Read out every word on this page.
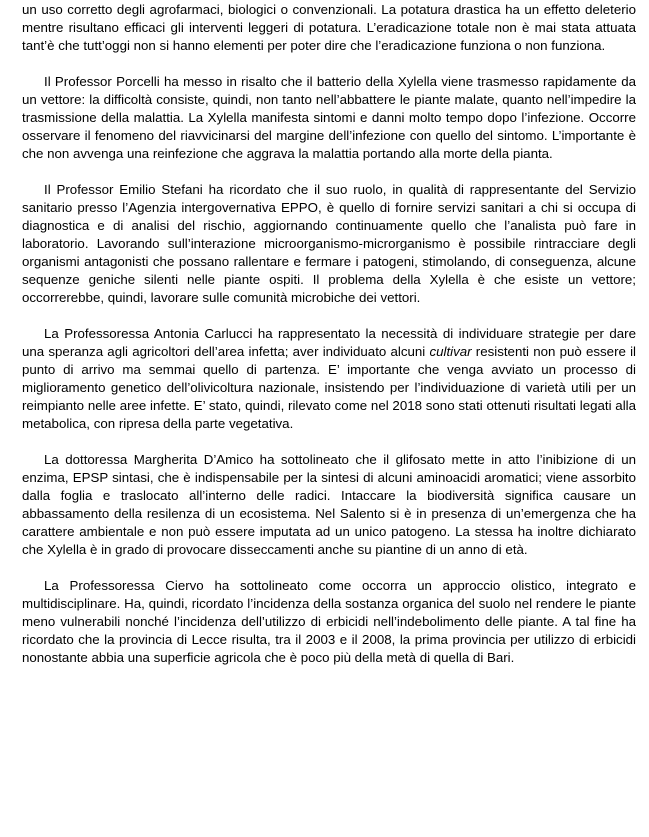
un uso corretto degli agrofarmaci, biologici o convenzionali. La potatura drastica ha un effetto deleterio mentre risultano efficaci gli interventi leggeri di potatura. L’eradicazione totale non è mai stata attuata tant’è che tutt’oggi non si hanno elementi per poter dire che l’eradicazione funziona o non funziona.

Il Professor Porcelli ha messo in risalto che il batterio della Xylella viene trasmesso rapidamente da un vettore: la difficoltà consiste, quindi, non tanto nell’abbattere le piante malate, quanto nell’impedire la trasmissione della malattia. La Xylella manifesta sintomi e danni molto tempo dopo l’infezione. Occorre osservare il fenomeno del riavvicinarsi del margine dell’infezione con quello del sintomo. L’importante è che non avvenga una reinfezione che aggrava la malattia portando alla morte della pianta.

Il Professor Emilio Stefani ha ricordato che il suo ruolo, in qualità di rappresentante del Servizio sanitario presso l’Agenzia intergovernativa EPPO, è quello di fornire servizi sanitari a chi si occupa di diagnostica e di analisi del rischio, aggiornando continuamente quello che l’analista può fare in laboratorio. Lavorando sull’interazione microorganismo-microrganismo è possibile rintracciare degli organismi antagonisti che possano rallentare e fermare i patogeni, stimolando, di conseguenza, alcune sequenze geniche silenti nelle piante ospiti. Il problema della Xylella è che esiste un vettore; occorrerebbe, quindi, lavorare sulle comunità microbiche dei vettori.

La Professoressa Antonia Carlucci ha rappresentato la necessità di individuare strategie per dare una speranza agli agricoltori dell’area infetta; aver individuato alcuni cultivar resistenti non può essere il punto di arrivo ma semmai quello di partenza. E’ importante che venga avviato un processo di miglioramento genetico dell’olivicoltura nazionale, insistendo per l’individuazione di varietà utili per un reimpianto nelle aree infette. E’ stato, quindi, rilevato come nel 2018 sono stati ottenuti risultati legati alla metabolica, con ripresa della parte vegetativa.

La dottoressa Margherita D’Amico ha sottolineato che il glifosato mette in atto l’inibizione di un enzima, EPSP sintasi, che è indispensabile per la sintesi di alcuni aminoacidi aromatici; viene assorbito dalla foglia e traslocato all’interno delle radici. Intaccare la biodiversità significa causare un abbassamento della resilenza di un ecosistema. Nel Salento si è in presenza di un’emergenza che ha carattere ambientale e non può essere imputata ad un unico patogeno. La stessa ha inoltre dichiarato che Xylella è in grado di provocare disseccamenti anche su piantine di un anno di età.

La Professoressa Ciervo ha sottolineato come occorra un approccio olistico, integrato e multidisciplinare. Ha, quindi, ricordato l’incidenza della sostanza organica del suolo nel rendere le piante meno vulnerabili nonché l’incidenza dell’utilizzo di erbicidi nell’indebolimento delle piante. A tal fine ha ricordato che la provincia di Lecce risulta, tra il 2003 e il 2008, la prima provincia per utilizzo di erbicidi nonostante abbia una superficie agricola che è poco più della metà di quella di Bari.
